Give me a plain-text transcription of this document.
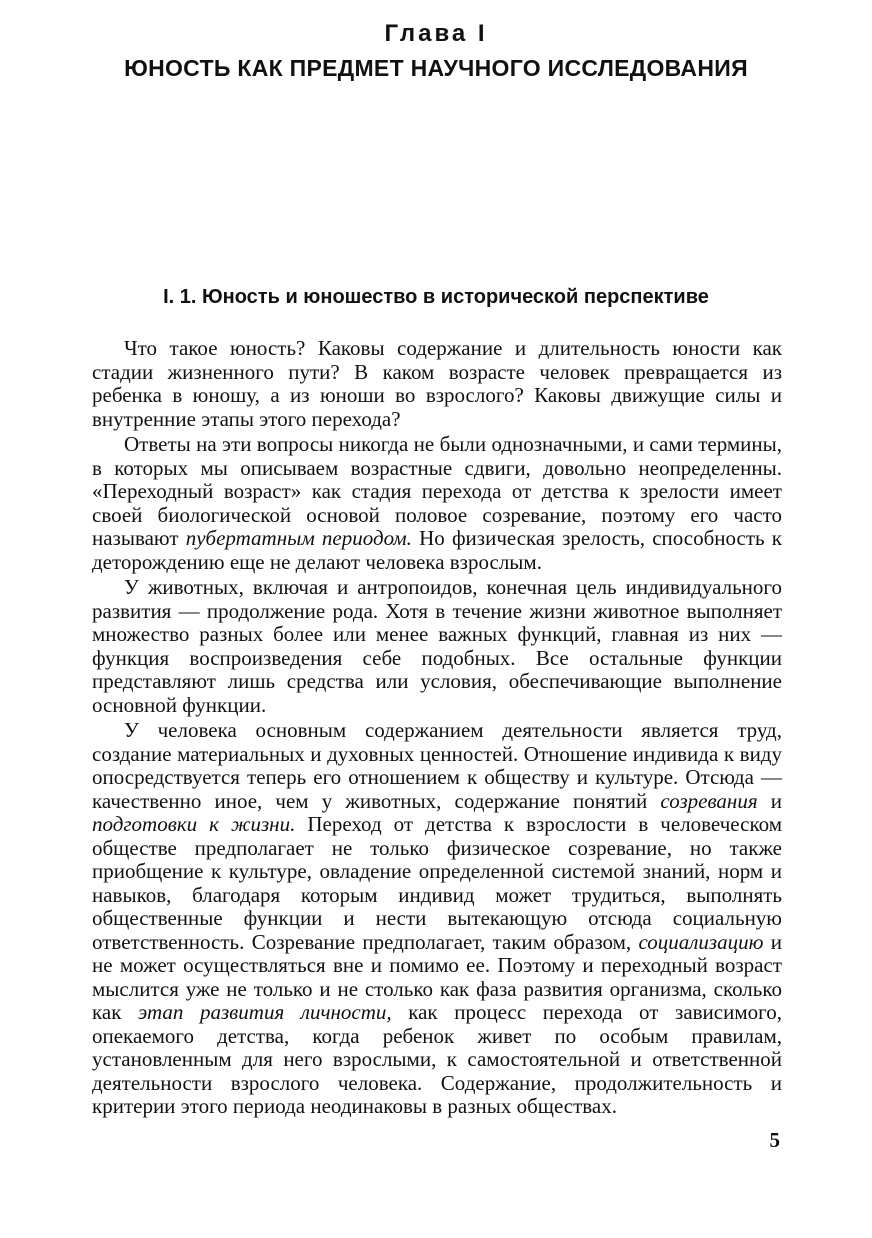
Глава I
ЮНОСТЬ КАК ПРЕДМЕТ НАУЧНОГО ИССЛЕДОВАНИЯ
I. 1. Юность и юношество в исторической перспективе

Что такое юность? Каковы содержание и длительность юности как стадии жизненного пути? В каком возрасте человек превращается из ребенка в юношу, а из юноши во взрослого? Каковы движущие силы и внутренние этапы этого перехода?

Ответы на эти вопросы никогда не были однозначными, и сами термины, в которых мы описываем возрастные сдвиги, довольно неопределенны. «Переходный возраст» как стадия перехода от детства к зрелости имеет своей биологической основой половое созревание, поэтому его часто называют пубертатным периодом. Но физическая зрелость, способность к деторождению еще не делают человека взрослым.

У животных, включая и антропоидов, конечная цель индивидуального развития — продолжение рода. Хотя в течение жизни животное выполняет множество разных более или менее важных функций, главная из них — функция воспроизведения себе подобных. Все остальные функции представляют лишь средства или условия, обеспечивающие выполнение основной функции.

У человека основным содержанием деятельности является труд, создание материальных и духовных ценностей. Отношение индивида к виду опосредствуется теперь его отношением к обществу и культуре. Отсюда — качественно иное, чем у животных, содержание понятий созревания и подготовки к жизни. Переход от детства к взрослости в человеческом обществе предполагает не только физическое созревание, но также приобщение к культуре, овладение определенной системой знаний, норм и навыков, благодаря которым индивид может трудиться, выполнять общественные функции и нести вытекающую отсюда социальную ответственность. Созревание предполагает, таким образом, социализацию и не может осуществляться вне и помимо ее. Поэтому и переходный возраст мыслится уже не только и не столько как фаза развития организма, сколько как этап развития личности, как процесс перехода от зависимого, опекаемого детства, когда ребенок живет по особым правилам, установленным для него взрослыми, к самостоятельной и ответственной деятельности взрослого человека. Содержание, продолжительность и критерии этого периода неодинаковы в разных обществах.

5
